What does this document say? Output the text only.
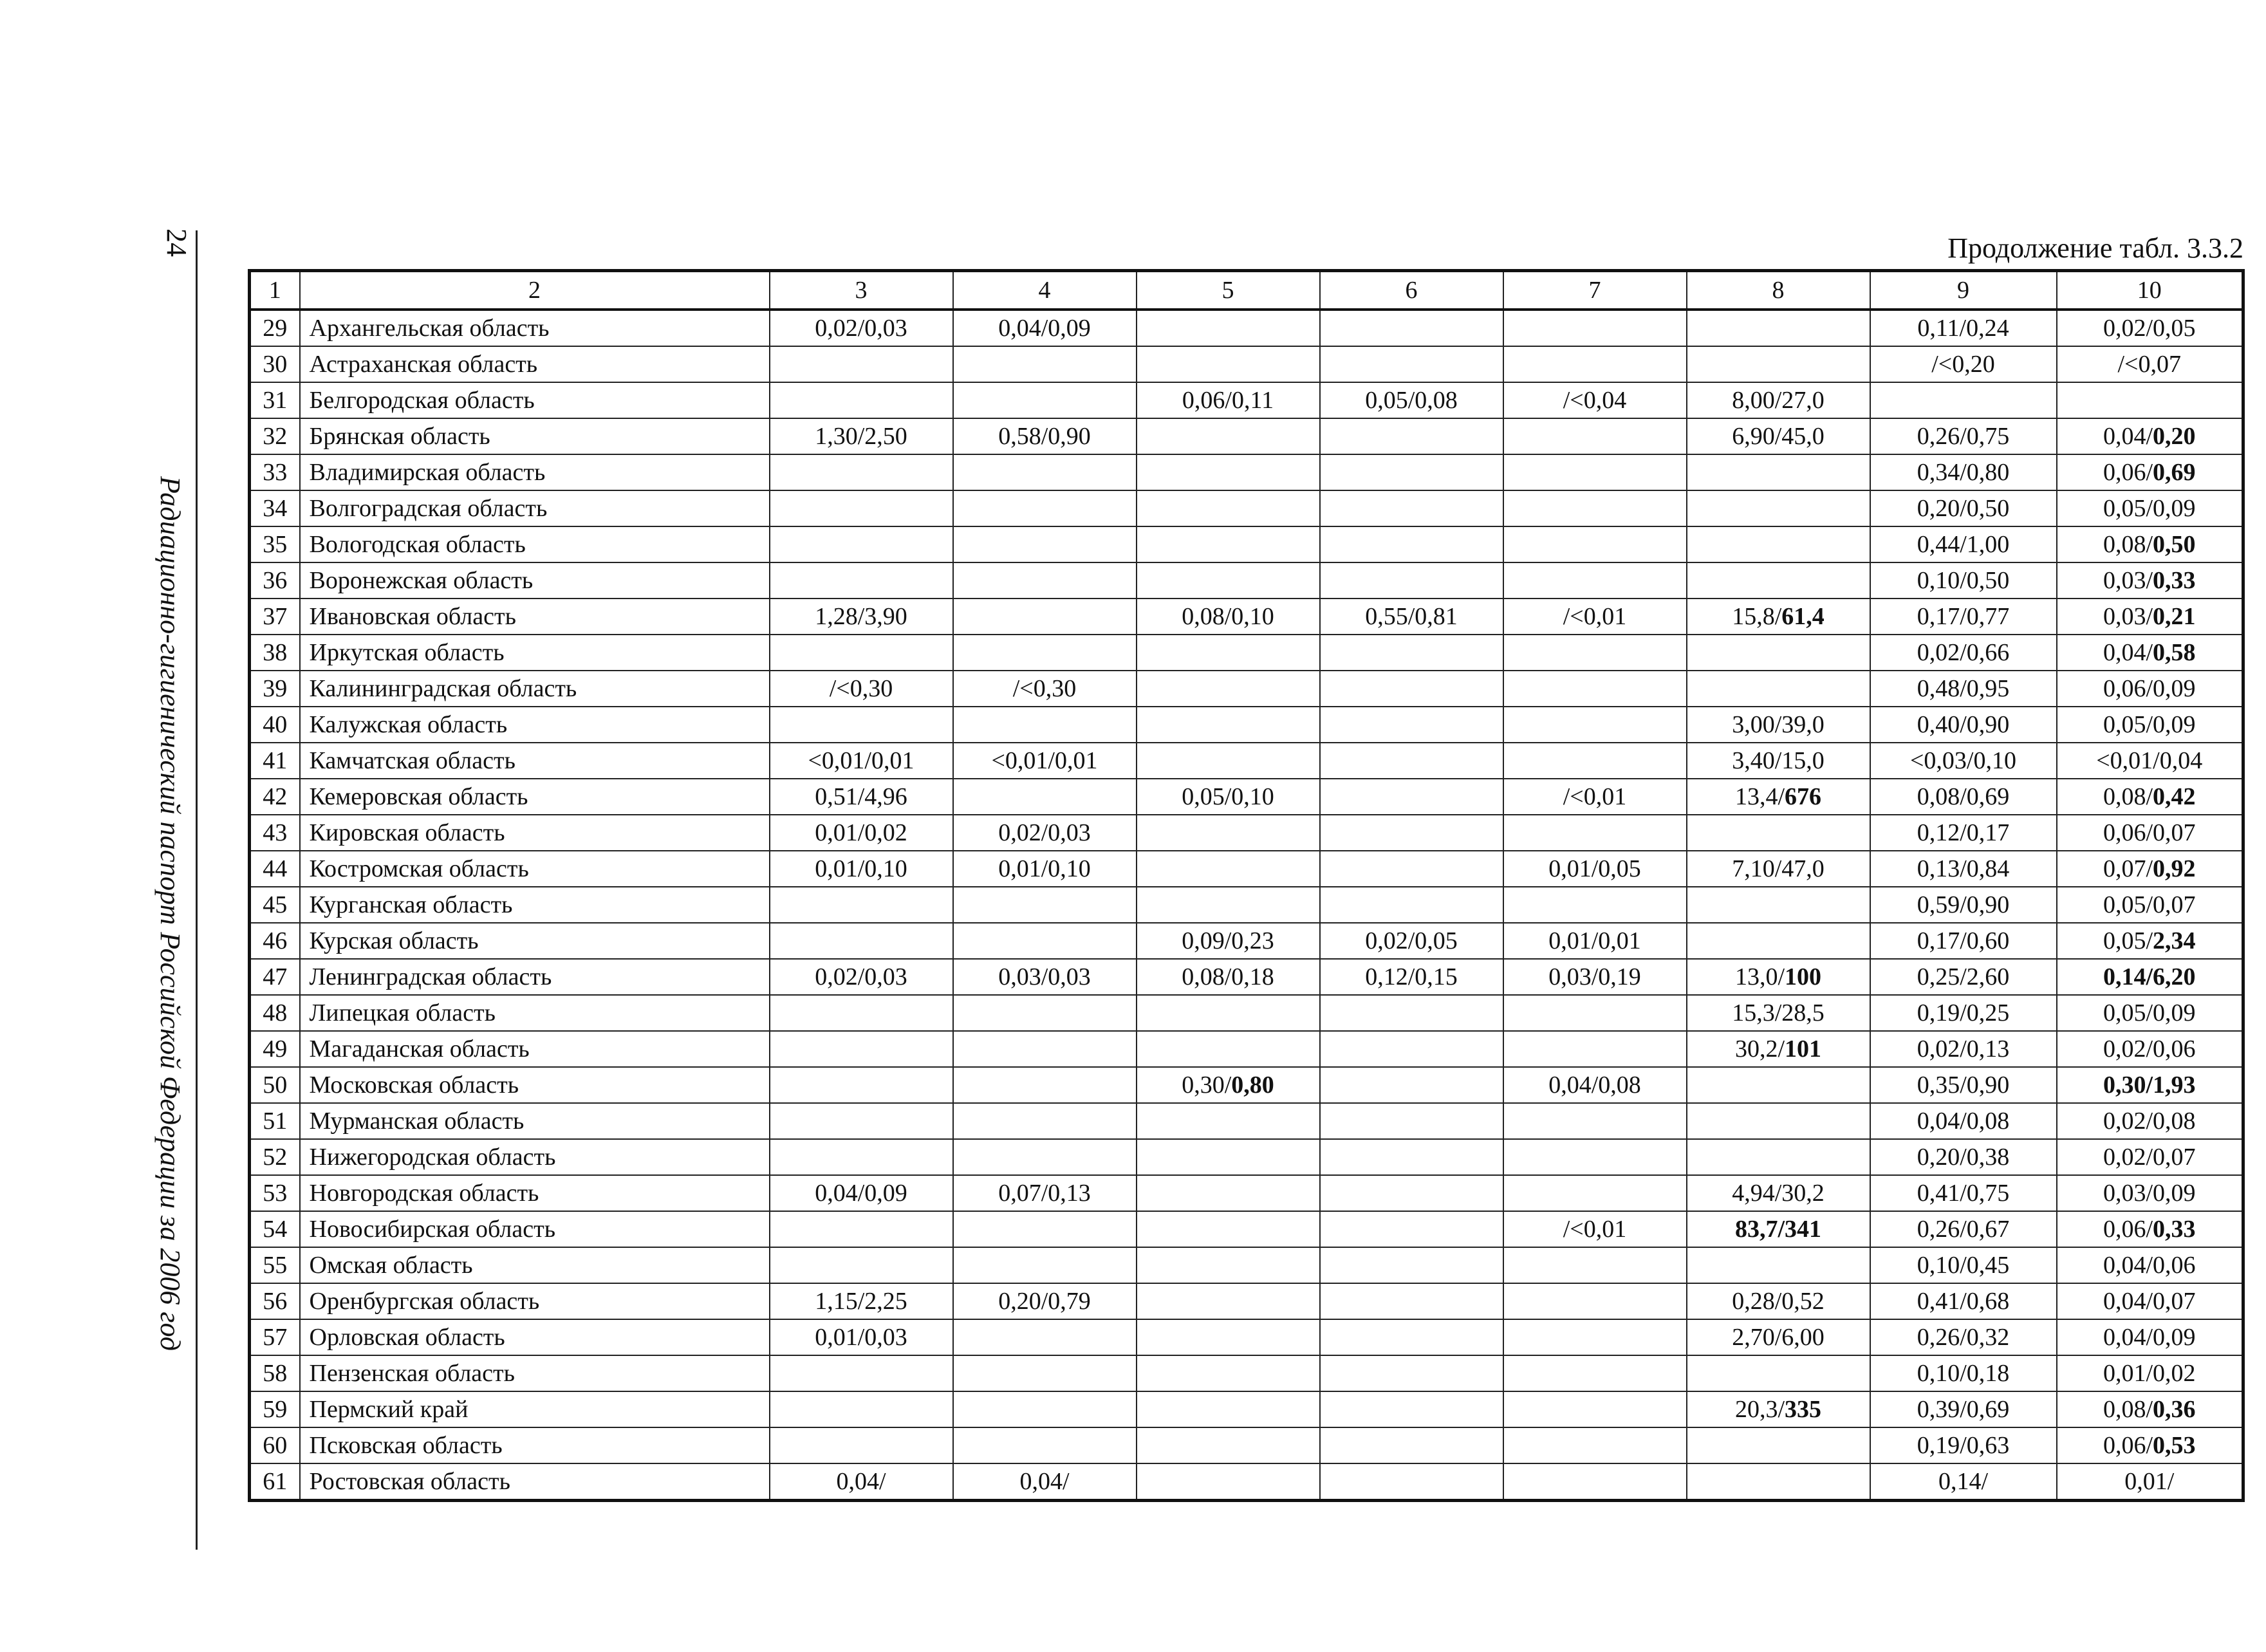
24
Радиационно-гигиенический паспорт Российской Федерации за 2006 год
Продолжение табл. 3.3.2
1	2	3	4	5	6	7	8	9	10
29	Архангельская область	0,02/0,03	0,04/0,09					0,11/0,24	0,02/0,05
30	Астраханская область							/<0,20	/<0,07
31	Белгородская область			0,06/0,11	0,05/0,08	/<0,04	8,00/27,0		
32	Брянская область	1,30/2,50	0,58/0,90				6,90/45,0	0,26/0,75	0,04/0,20
33	Владимирская область							0,34/0,80	0,06/0,69
34	Волгоградская область							0,20/0,50	0,05/0,09
35	Вологодская область							0,44/1,00	0,08/0,50
36	Воронежская область							0,10/0,50	0,03/0,33
37	Ивановская область	1,28/3,90		0,08/0,10	0,55/0,81	/<0,01	15,8/61,4	0,17/0,77	0,03/0,21
38	Иркутская область							0,02/0,66	0,04/0,58
39	Калининградская область	/<0,30	/<0,30					0,48/0,95	0,06/0,09
40	Калужская область						3,00/39,0	0,40/0,90	0,05/0,09
41	Камчатская область	<0,01/0,01	<0,01/0,01				3,40/15,0	<0,03/0,10	<0,01/0,04
42	Кемеровская область	0,51/4,96		0,05/0,10		/<0,01	13,4/676	0,08/0,69	0,08/0,42
43	Кировская область	0,01/0,02	0,02/0,03					0,12/0,17	0,06/0,07
44	Костромская область	0,01/0,10	0,01/0,10			0,01/0,05	7,10/47,0	0,13/0,84	0,07/0,92
45	Курганская область							0,59/0,90	0,05/0,07
46	Курская область			0,09/0,23	0,02/0,05	0,01/0,01		0,17/0,60	0,05/2,34
47	Ленинградская область	0,02/0,03	0,03/0,03	0,08/0,18	0,12/0,15	0,03/0,19	13,0/100	0,25/2,60	0,14/6,20
48	Липецкая область						15,3/28,5	0,19/0,25	0,05/0,09
49	Магаданская область						30,2/101	0,02/0,13	0,02/0,06
50	Московская область			0,30/0,80		0,04/0,08		0,35/0,90	0,30/1,93
51	Мурманская область							0,04/0,08	0,02/0,08
52	Нижегородская область							0,20/0,38	0,02/0,07
53	Новгородская область	0,04/0,09	0,07/0,13				4,94/30,2	0,41/0,75	0,03/0,09
54	Новосибирская область					/<0,01	83,7/341	0,26/0,67	0,06/0,33
55	Омская область							0,10/0,45	0,04/0,06
56	Оренбургская область	1,15/2,25	0,20/0,79				0,28/0,52	0,41/0,68	0,04/0,07
57	Орловская область	0,01/0,03					2,70/6,00	0,26/0,32	0,04/0,09
58	Пензенская область							0,10/0,18	0,01/0,02
59	Пермский край						20,3/335	0,39/0,69	0,08/0,36
60	Псковская область							0,19/0,63	0,06/0,53
61	Ростовская область	0,04/	0,04/					0,14/	0,01/
